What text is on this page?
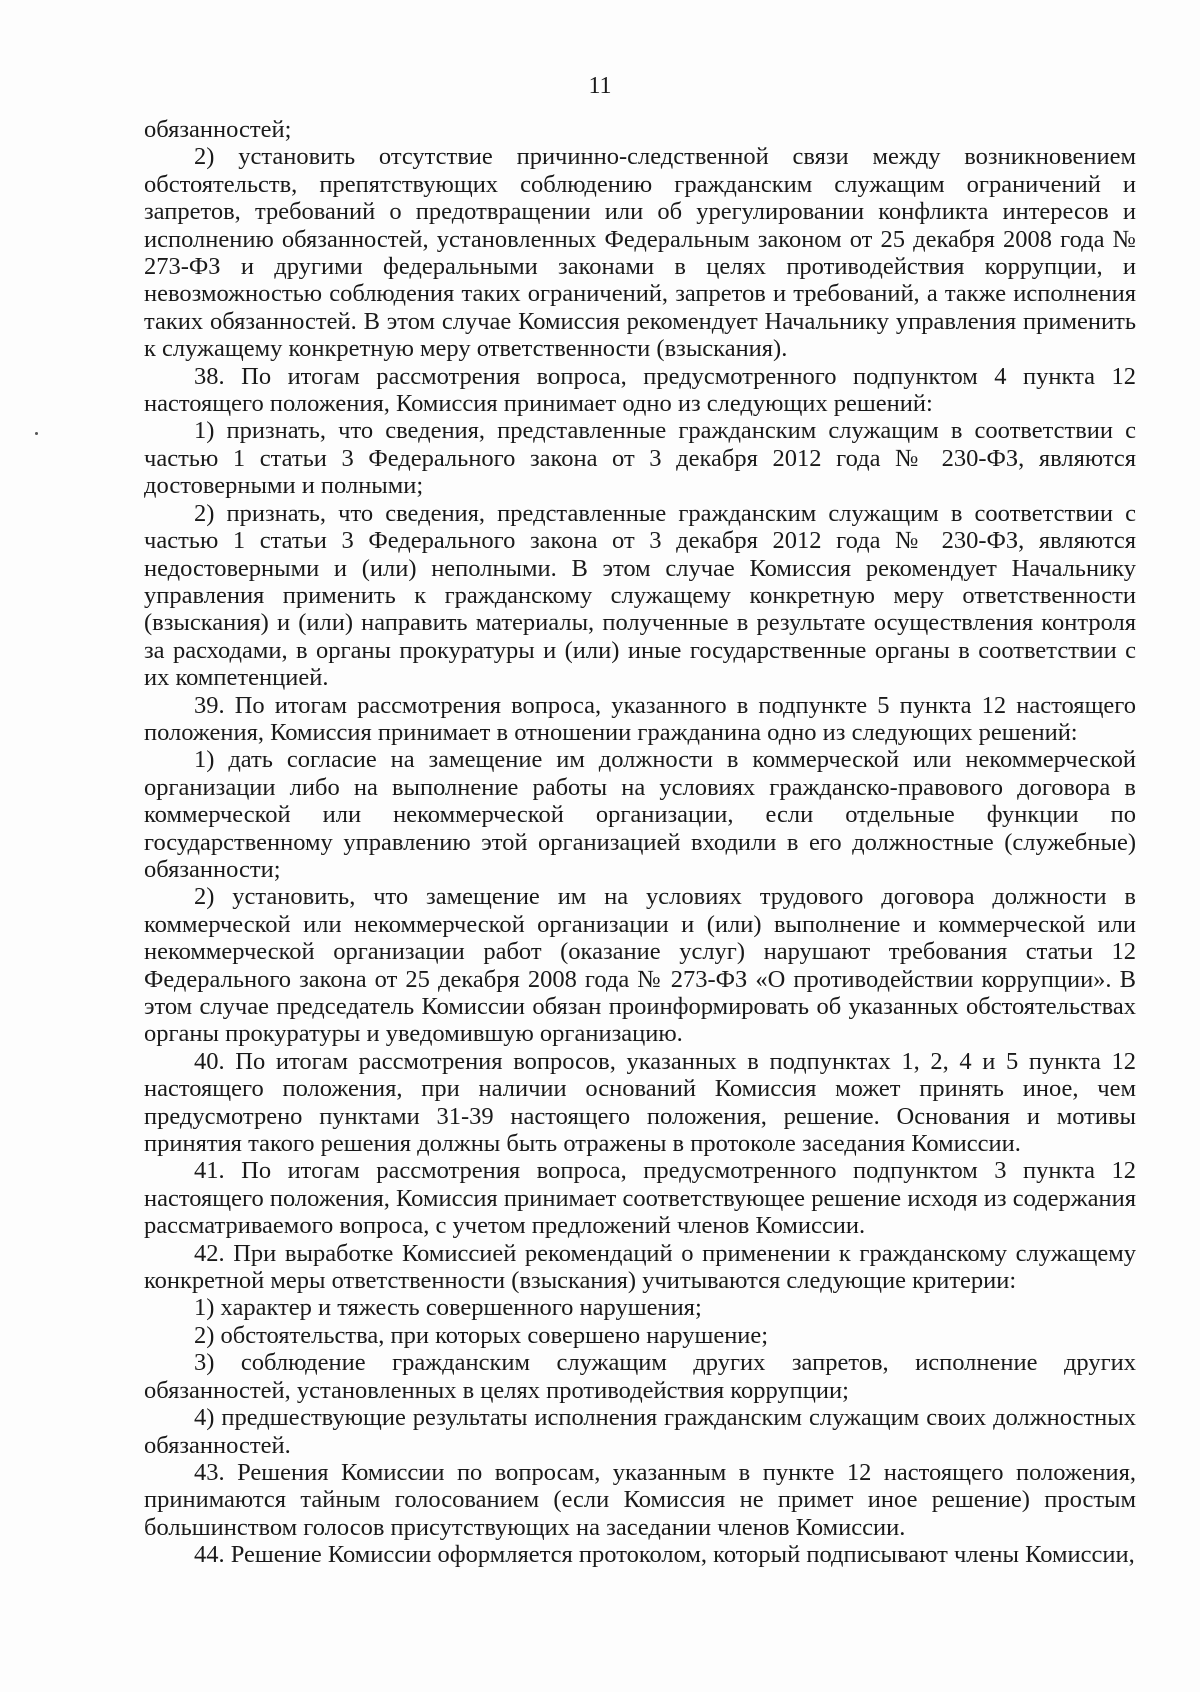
11

обязанностей;

2) установить отсутствие причинно-следственной связи между возникновением обстоятельств, препятствующих соблюдению гражданским служащим ограничений и запретов, требований о предотвращении или об урегулировании конфликта интересов и исполнению обязанностей, установленных Федеральным законом от 25 декабря 2008 года № 273-ФЗ и другими федеральными законами в целях противодействия коррупции, и невозможностью соблюдения таких ограничений, запретов и требований, а также исполнения таких обязанностей. В этом случае Комиссия рекомендует Начальнику управления применить к служащему конкретную меру ответственности (взыскания).

38. По итогам рассмотрения вопроса, предусмотренного подпунктом 4 пункта 12 настоящего положения, Комиссия принимает одно из следующих решений:

1) признать, что сведения, представленные гражданским служащим в соответствии с частью 1 статьи 3 Федерального закона от 3 декабря 2012 года № 230-ФЗ, являются достоверными и полными;

2) признать, что сведения, представленные гражданским служащим в соответствии с частью 1 статьи 3 Федерального закона от 3 декабря 2012 года № 230-ФЗ, являются недостоверными и (или) неполными. В этом случае Комиссия рекомендует Начальнику управления применить к гражданскому служащему конкретную меру ответственности (взыскания) и (или) направить материалы, полученные в результате осуществления контроля за расходами, в органы прокуратуры и (или) иные государственные органы в соответствии с их компетенцией.

39. По итогам рассмотрения вопроса, указанного в подпункте 5 пункта 12 настоящего положения, Комиссия принимает в отношении гражданина одно из следующих решений:

1) дать согласие на замещение им должности в коммерческой или некоммерческой организации либо на выполнение работы на условиях гражданско-правового договора в коммерческой или некоммерческой организации, если отдельные функции по государственному управлению этой организацией входили в его должностные (служебные) обязанности;

2) установить, что замещение им на условиях трудового договора должности в коммерческой или некоммерческой организации и (или) выполнение и коммерческой или некоммерческой организации работ (оказание услуг) нарушают требования статьи 12 Федерального закона от 25 декабря 2008 года № 273-ФЗ «О противодействии коррупции». В этом случае председатель Комиссии обязан проинформировать об указанных обстоятельствах органы прокуратуры и уведомившую организацию.

40. По итогам рассмотрения вопросов, указанных в подпунктах 1, 2, 4 и 5 пункта 12 настоящего положения, при наличии оснований Комиссия может принять иное, чем предусмотрено пунктами 31-39 настоящего положения, решение. Основания и мотивы принятия такого решения должны быть отражены в протоколе заседания Комиссии.

41. По итогам рассмотрения вопроса, предусмотренного подпунктом 3 пункта 12 настоящего положения, Комиссия принимает соответствующее решение исходя из содержания рассматриваемого вопроса, с учетом предложений членов Комиссии.

42. При выработке Комиссией рекомендаций о применении к гражданскому служащему конкретной меры ответственности (взыскания) учитываются следующие критерии:

1) характер и тяжесть совершенного нарушения;

2) обстоятельства, при которых совершено нарушение;

3) соблюдение гражданским служащим других запретов, исполнение других обязанностей, установленных в целях противодействия коррупции;

4) предшествующие результаты исполнения гражданским служащим своих должностных обязанностей.

43. Решения Комиссии по вопросам, указанным в пункте 12 настоящего положения, принимаются тайным голосованием (если Комиссия не примет иное решение) простым большинством голосов присутствующих на заседании членов Комиссии.

44. Решение Комиссии оформляется протоколом, который подписывают члены Комиссии,
